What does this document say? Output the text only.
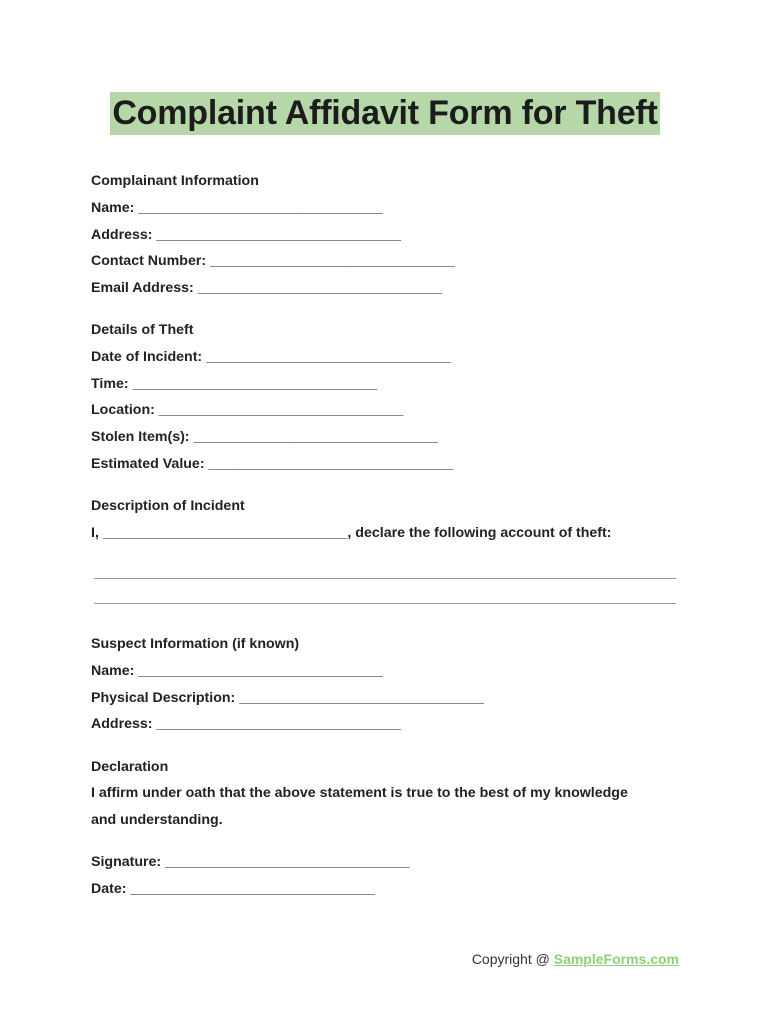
Complaint Affidavit Form for Theft
Complainant Information
Name: _______________________________
Address: _______________________________
Contact Number: _______________________________
Email Address: _______________________________
Details of Theft
Date of Incident: _______________________________
Time: _______________________________
Location: _______________________________
Stolen Item(s): _______________________________
Estimated Value: _______________________________
Description of Incident
I, _______________________________, declare the following account of theft:
Suspect Information (if known)
Name: _______________________________
Physical Description: _______________________________
Address: _______________________________
Declaration
I affirm under oath that the above statement is true to the best of my knowledge
and understanding.
Signature: _______________________________
Date: _______________________________
Copyright @ SampleForms.com
